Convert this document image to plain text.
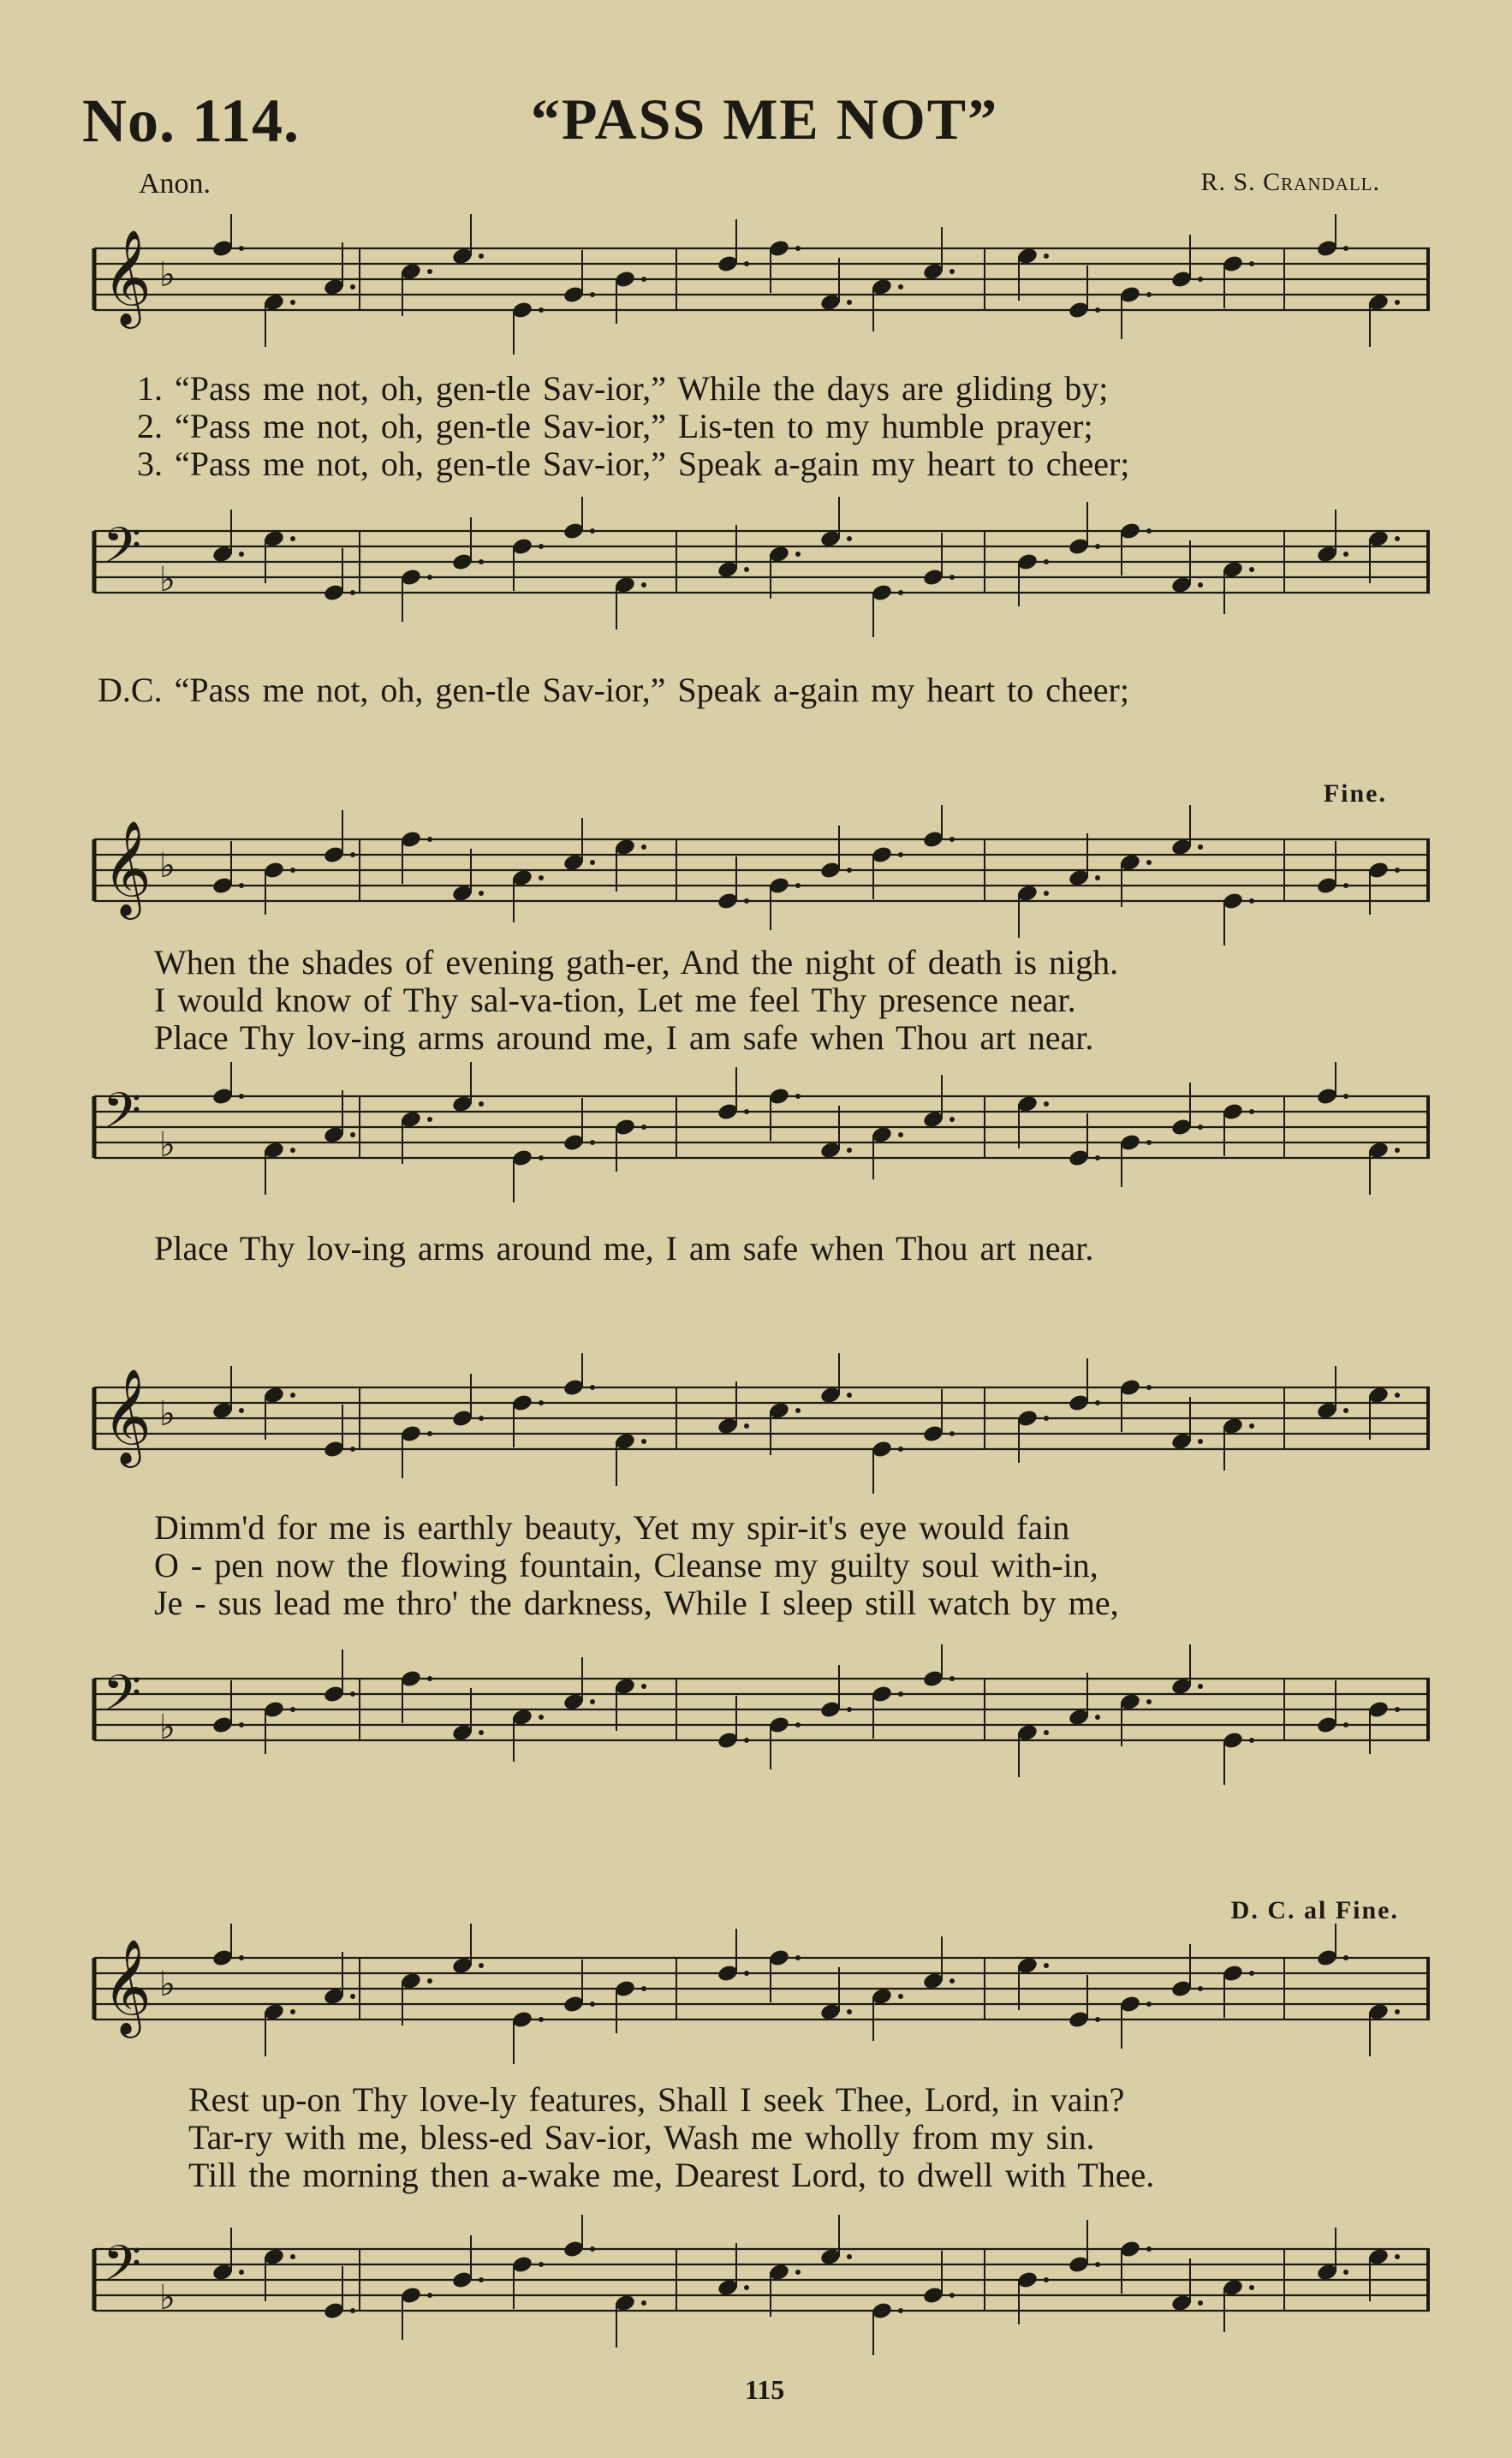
No. 114.	“PASS ME NOT”
Anon.	R. S. Crandall.
𝄞 ♭
1. “Pass me not, oh, gen-tle Sav-ior,” While the days are gliding by;
2. “Pass me not, oh, gen-tle Sav-ior,” Lis-ten to my humble prayer;
3. “Pass me not, oh, gen-tle Sav-ior,” Speak a-gain my heart to cheer;
𝄢 ♭
D.C. “Pass me not, oh, gen-tle Sav-ior,” Speak a-gain my heart to cheer;
Fine.
𝄞 ♭
When the shades of evening gath-er, And the night of death is nigh.
I would know of Thy sal-va-tion, Let me feel Thy presence near.
Place Thy lov-ing arms around me, I am safe when Thou art near.
𝄢 ♭
Place Thy lov-ing arms around me, I am safe when Thou art near.
𝄞 ♭
Dimm'd for me is earthly beauty, Yet my spir-it's eye would fain
O - pen now the flowing fountain, Cleanse my guilty soul with-in,
Je - sus lead me thro' the darkness, While I sleep still watch by me,
𝄢 ♭
D. C. al Fine.
𝄞 ♭
Rest up-on Thy love-ly features, Shall I seek Thee, Lord, in vain?
Tar-ry with me, bless-ed Sav-ior, Wash me wholly from my sin.
Till the morning then a-wake me, Dearest Lord, to dwell with Thee.
𝄢 ♭
115
